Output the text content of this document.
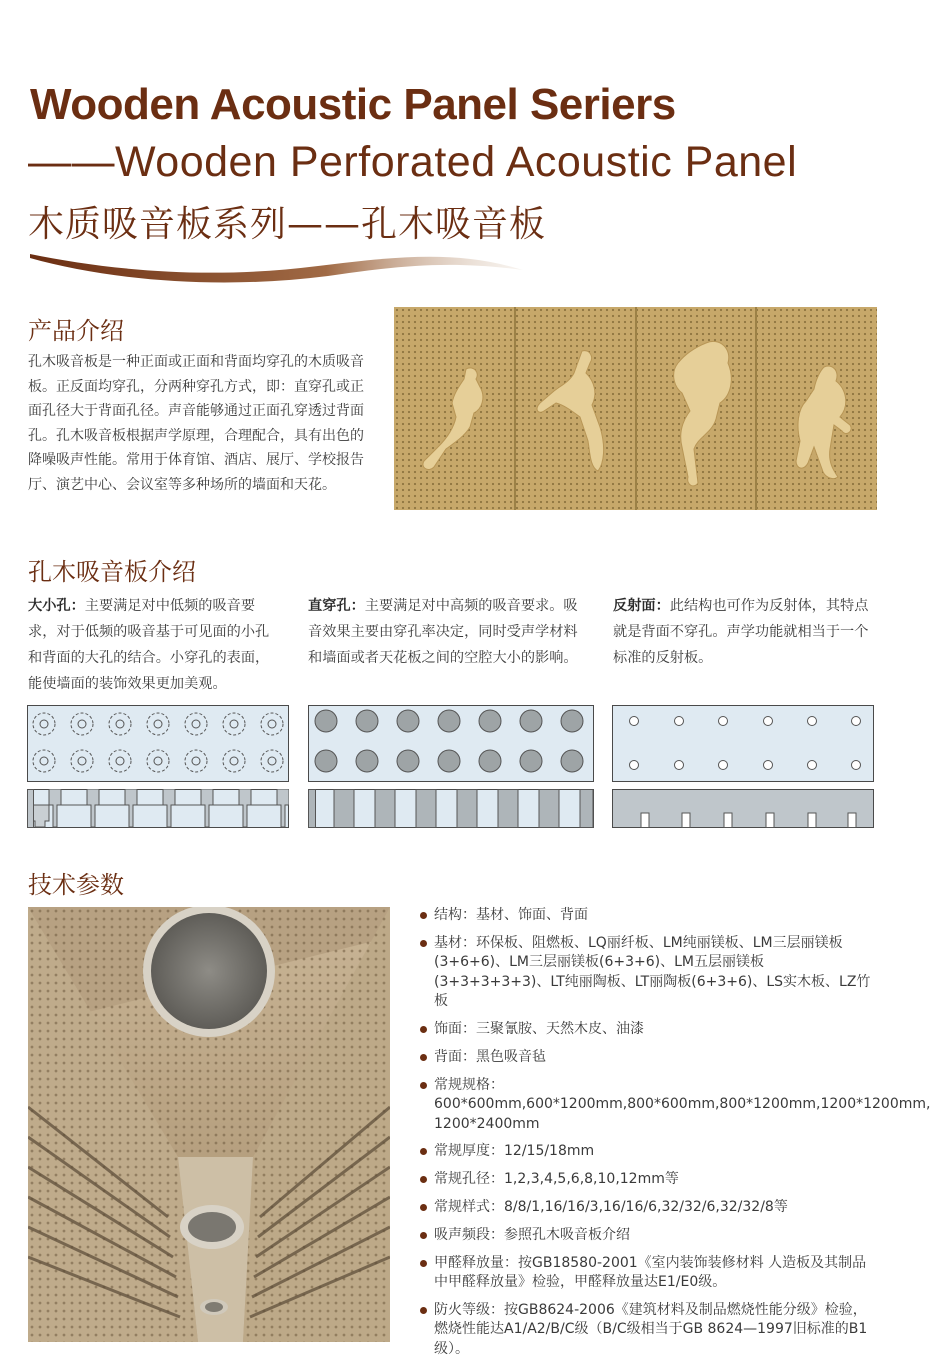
Wooden Acoustic Panel Seriers
——Wooden Perforated Acoustic Panel
木质吸音板系列——孔木吸音板
产品介绍
孔木吸音板是一种正面或正面和背面均穿孔的木质吸音板。正反面均穿孔，分两种穿孔方式，即：直穿孔或正面孔径大于背面孔径。声音能够通过正面孔穿透过背面孔。孔木吸音板根据声学原理，合理配合，具有出色的降噪吸声性能。常用于体育馆、酒店、展厅、学校报告厅、演艺中心、会议室等多种场所的墙面和天花。
孔木吸音板介绍
大小孔：主要满足对中低频的吸音要求，对于低频的吸音基于可见面的小孔和背面的大孔的结合。小穿孔的表面，能使墙面的装饰效果更加美观。
直穿孔：主要满足对中高频的吸音要求。吸音效果主要由穿孔率决定，同时受声学材料和墙面或者天花板之间的空腔大小的影响。
反射面：此结构也可作为反射体，其特点就是背面不穿孔。声学功能就相当于一个标准的反射板。
技术参数
结构：基材、饰面、背面
基材：环保板、阻燃板、LQ丽纤板、LM纯丽镁板、LM三层丽镁板(3+6+6)、LM三层丽镁板(6+3+6)、LM五层丽镁板(3+3+3+3+3)、LT纯丽陶板、LT丽陶板(6+3+6)、LS实木板、LZ竹板
饰面：三聚氰胺、天然木皮、油漆
背面：黑色吸音毡
常规规格：600*600mm,600*1200mm,800*600mm,800*1200mm,1200*1200mm, 1200*2400mm
常规厚度：12/15/18mm
常规孔径：1,2,3,4,5,6,8,10,12mm等
常规样式：8/8/1,16/16/3,16/16/6,32/32/6,32/32/8等
吸声频段：参照孔木吸音板介绍
甲醛释放量：按GB18580-2001《室内装饰装修材料 人造板及其制品中甲醛释放量》检验，甲醛释放量达E1/E0级。
防火等级：按GB8624-2006《建筑材料及制品燃烧性能分级》检验，燃烧性能达A1/A2/B/C级（B/C级相当于GB 8624—1997旧标准的B1级）。
